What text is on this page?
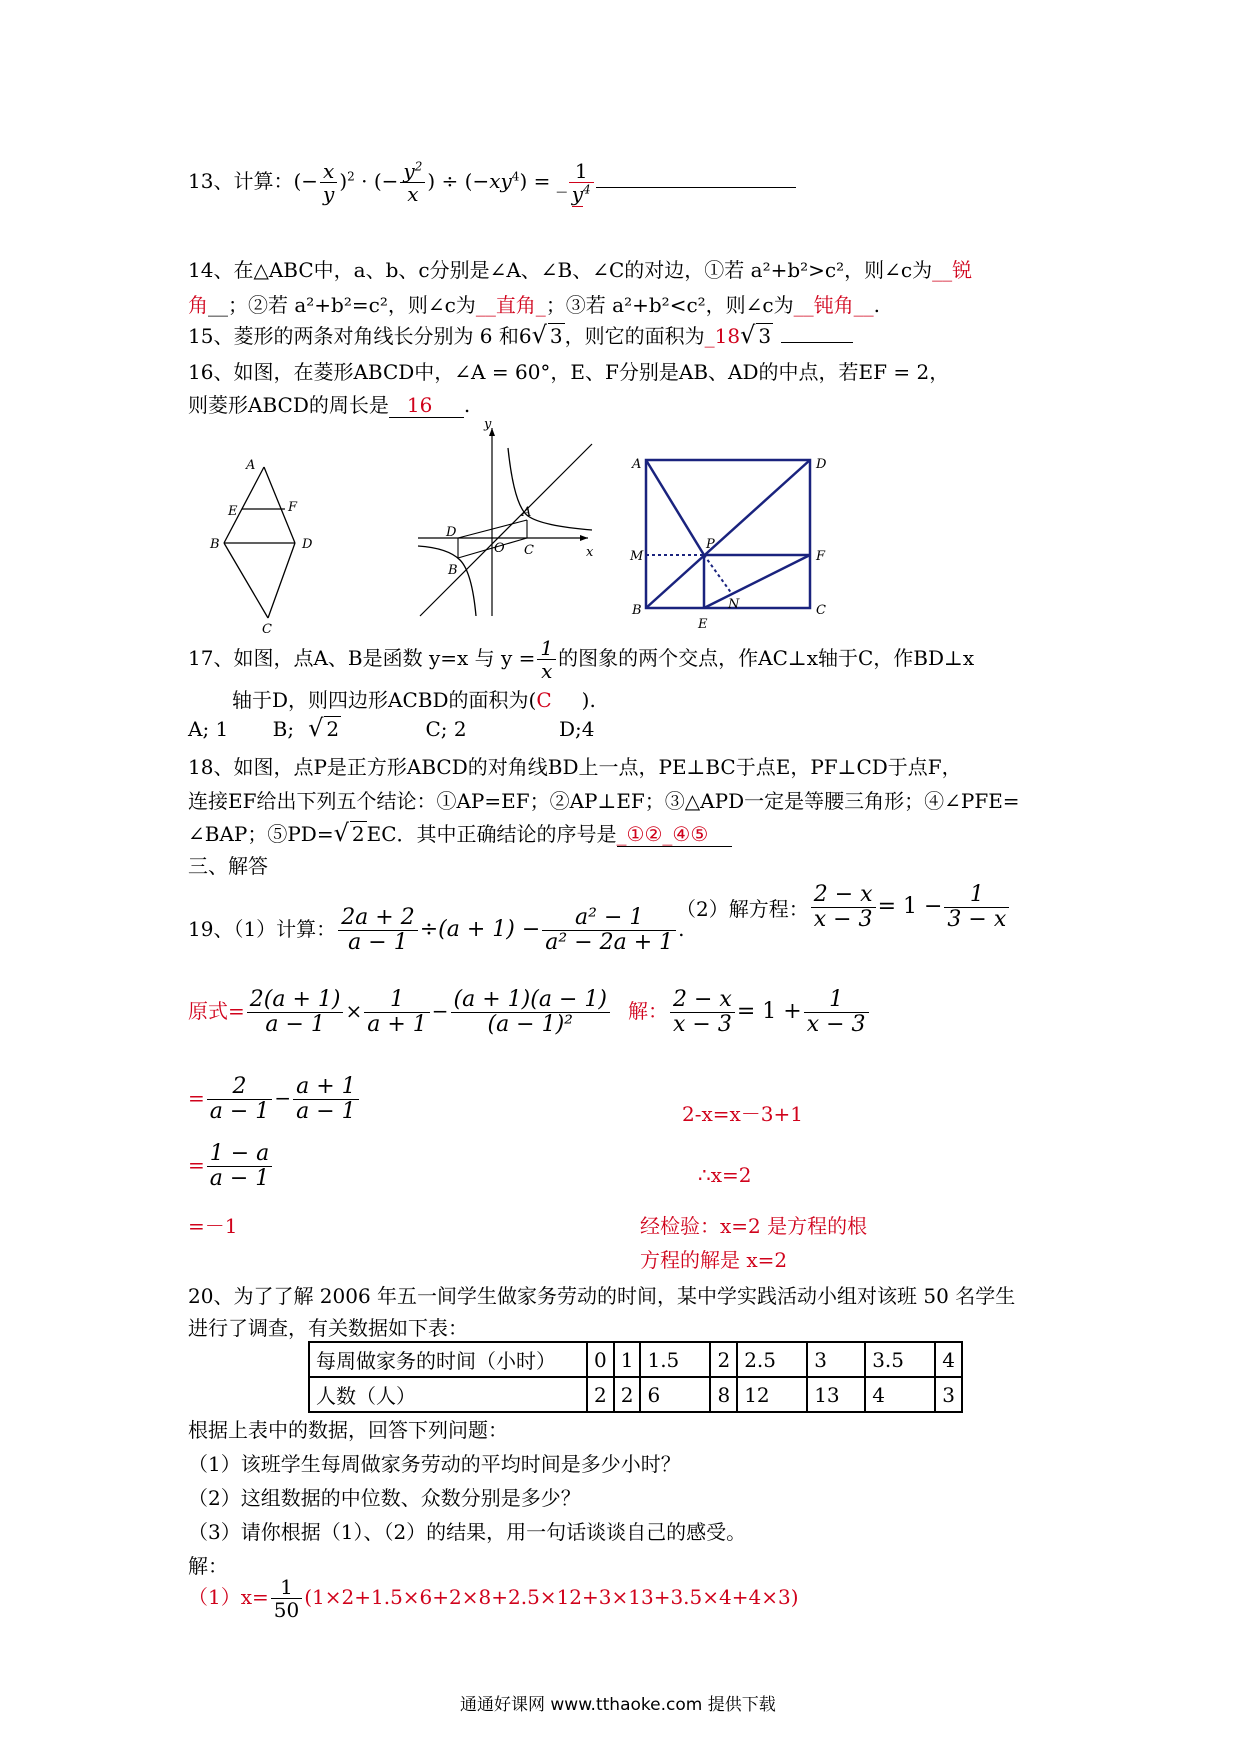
13、计算：(− $\frac{x}{y} )^2$ · (− $\frac{y^2}{x}$ ) ÷ $(-xy^4)$ = _ $\frac{1}{y^4}$
14、在△ABC中，a、b、c分别是∠A、∠B、∠C的对边，①若 a²+b²>c²，则∠c为__锐
角__；②若 a²+b²=c²，则∠c为__直角_；③若 a²+b²<c²，则∠c为__钝角__.
15、菱形的两条对角线长分别为 6 和6√ 3 ，则它的面积为_18√ 3
16、如图，在菱形ABCD中，∠A = 60°，E、F分别是AB、AD的中点，若EF = 2，
则菱形ABCD的周长是 16 .
A
E	F
B	D
C
y
x
A
B
C
D
O
A	D
M
P
F
B	C
E
N
17、如图，点A、B是函数 y=x 与 $y = \frac{1}{x}$ 的图象的两个交点，作AC⊥x轴于C，作BD⊥x
轴于D，则四边形ACBD的面积为(C ).
A; 1 B; √ 2	C; 2	D;4
18、如图，点P是正方形ABCD的对角线BD上一点，PE⊥BC于点E，PF⊥CD于点F，
连接EF给出下列五个结论：①AP=EF；②AP⊥EF；③△APD一定是等腰三角形；④∠PFE=
∠BAP；⑤PD=√ 2 EC．其中正确结论的序号是_①②_④⑤
三、解答
19、（1）计算： $\frac{2a + 2}{a - 1} \div(a + 1) - \frac{\text{a² − 1}}{\text{a² − 2a + 1}}$ .
（2）解方程： $\frac{2 - x}{x - 3} = 1 - \frac{1}{3 - x}$
原式= $\frac{2(a + 1)}{a - 1} \times \frac{1}{a + 1} - \frac{(a + 1)(a - 1)}{\text{(a − 1)²}}$ 解： $\frac{2 - x}{x - 3} = 1 + \frac{1}{x - 3}$
= $\frac{2}{a - 1} - \frac{a + 1}{a - 1}$	2-x=x－3+1
= $\frac{1 - a}{a - 1}$	∴x=2
=－1	经检验：x=2 是方程的根
方程的解是 x=2
20、为了了解 2006 年五一间学生做家务劳动的时间，某中学实践活动小组对该班 50 名学生
进行了调查，有关数据如下表：
每周做家务的时间（小时）	0	1	1.5	2	2.5	3	3.5	4
人数（人）	2	2	6	8	12	13	4	3
根据上表中的数据，回答下列问题：
（1）该班学生每周做家务劳动的平均时间是多少小时？
（2）这组数据的中位数、众数分别是多少？
（3）请你根据（1）、（2）的结果，用一句话谈谈自己的感受。
解：
$(1)x= \frac{1}{50} (1\times 2+1.5\times 6+2\times 8+2.5\times 12+3\times 13+3.5\times 4+4\times 3)$
通通好课网 www.tthaoke.com 提供下载
